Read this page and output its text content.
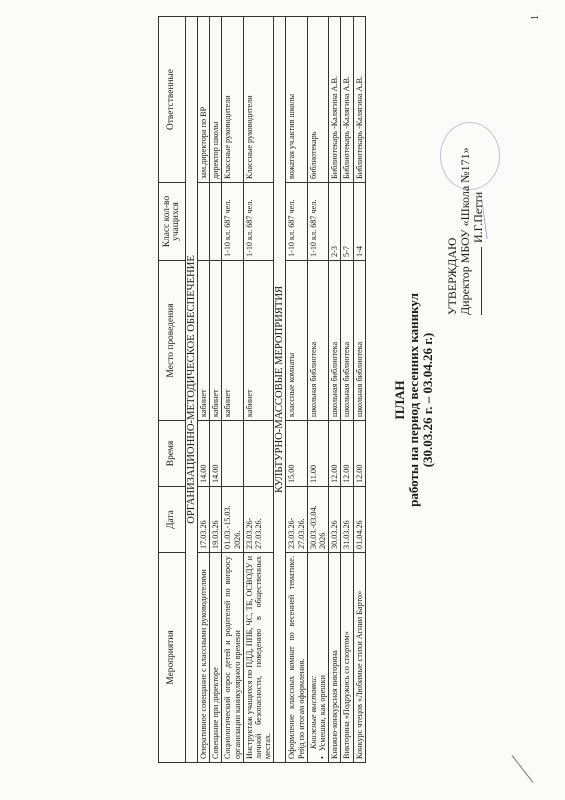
1
УТВЕРЖДАЮ Директор МБОУ «Школа №171» И.Г.Петти
ПЛАН работы на период весенних каникул (30.03.26 г. – 03.04.26 г.)
Мероприятия	Дата	Время	Место проведения	Класс кол-во учащихся	Ответственные
ОРГАНИЗАЦИОННО-МЕТОДИЧЕСКОЕ ОБЕСПЕЧЕНИЕ					
Оперативное совещание с классными руководителями	17.03.26	14.00	кабинет		зам.директора по ВР
Совещание при директоре	19.03.26	14.00	кабинет		директор школы
Социологический опрос детей и родителей по вопросу организации каникулярного времени	01.03.-15.03. 2026.		кабинет	1-10 кл. 687 чел.	Классные руководители
Инструктаж учащихся по ПДД, ППБ, ЧС, ТБ, ОСВОДУ и личной безопасности, поведению в общественных местах.	23.03.26- 27.03.26.		кабинет	1-10 кл. 687 чел.	Классные руководители
КУЛЬТУРНО-МАССОВЫЕ МЕРОПРИЯТИЯ					
Оформление классных комнат по весенней тематике. Рейд по итогам оформления.	23.03.26- 27.03.26.	15.00	классные комнаты	1-10 кл. 687 чел.	вожатая уч.актив школы

Книжные выставки: • Усмешки, как орешки	30.03.-03.04. 2026	11.00	школьная библиотека	1-10 кл. 687 чел.	библиотекарь
Книжно-конкурсная викторина	30.03.26	12.00	школьная библиотека	2-3	Библиотекарь -Калягина А.В.
Викторина «Подружись со спортом»	31.03.26	12.00	школьная библиотека	5-7	Библиотекарь -Калягина А.В.
Конкурс чтецов «Любимые стихи Агнии Барто»	01.04.26	12.00	школьная библиотека	1-4	Библиотекарь -Калягина А.В.
